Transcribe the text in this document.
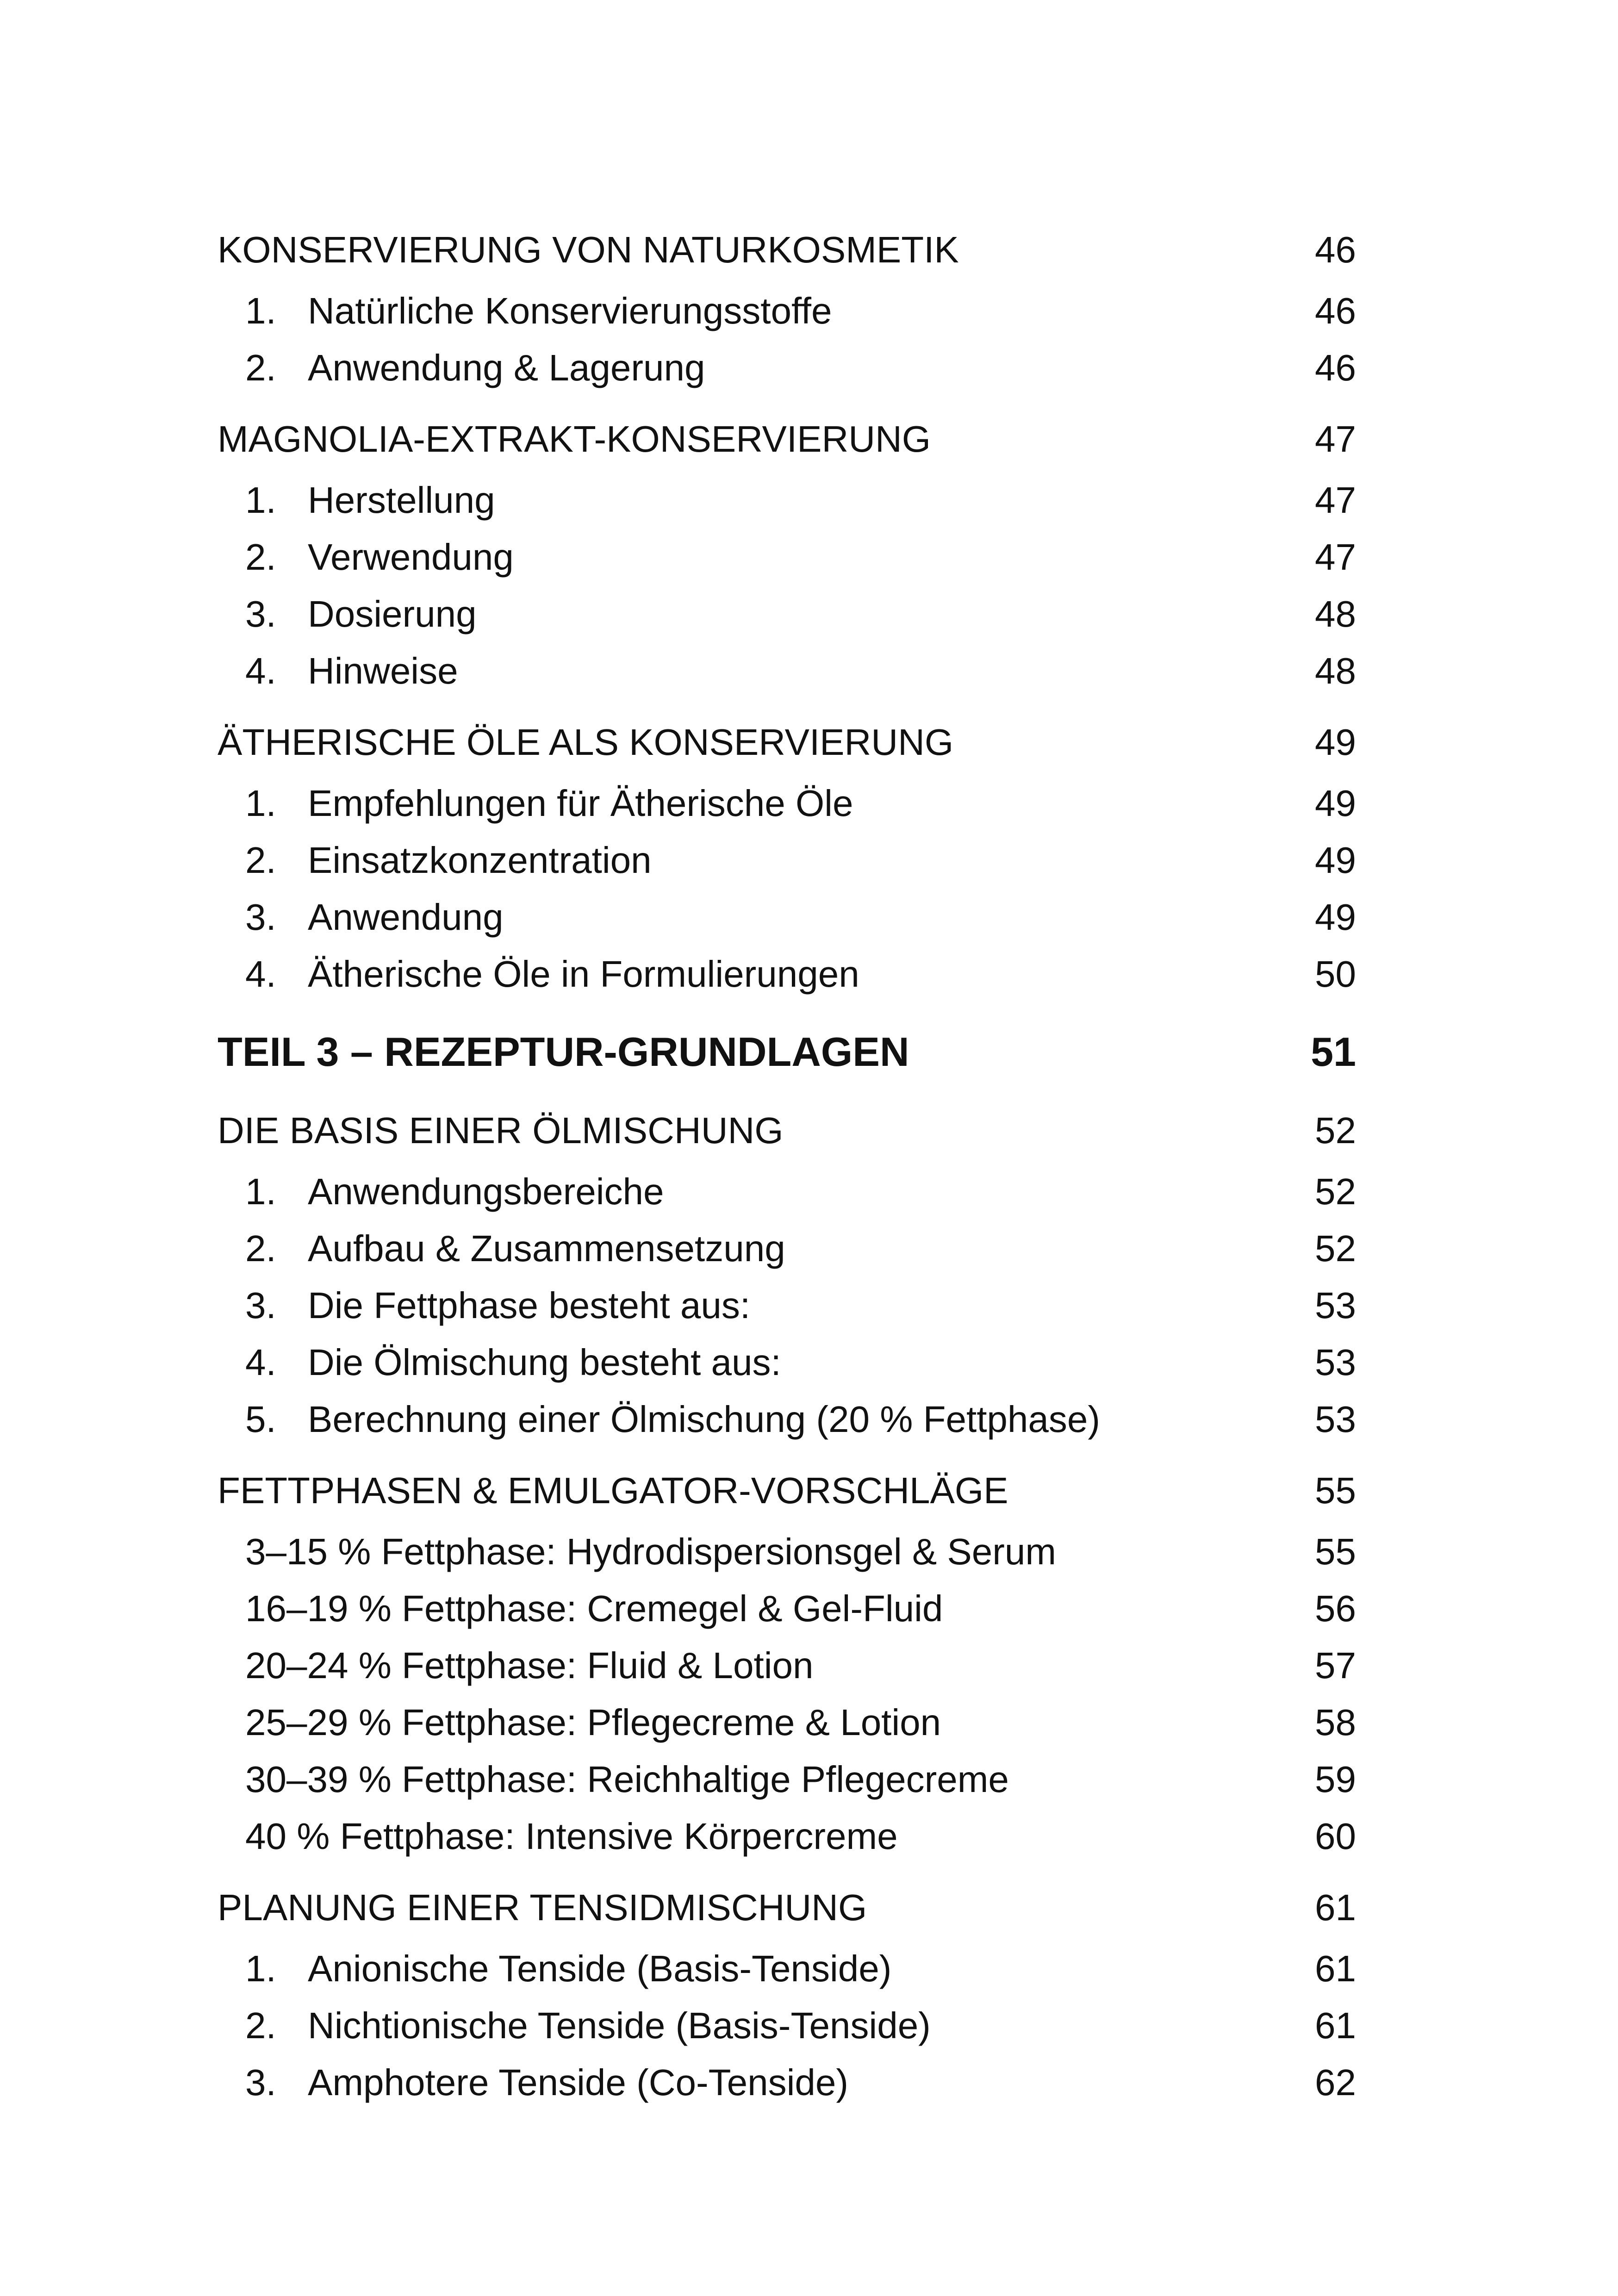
KONSERVIERUNG VON NATURKOSMETIK	46
1. Natürliche Konservierungsstoffe	46
2. Anwendung & Lagerung	46
MAGNOLIA-EXTRAKT-KONSERVIERUNG	47
1. Herstellung	47
2. Verwendung	47
3. Dosierung	48
4. Hinweise	48
ÄTHERISCHE ÖLE ALS KONSERVIERUNG	49
1. Empfehlungen für Ätherische Öle	49
2. Einsatzkonzentration	49
3. Anwendung	49
4. Ätherische Öle in Formulierungen	50
TEIL 3 – REZEPTUR-GRUNDLAGEN	51
DIE BASIS EINER ÖLMISCHUNG	52
1. Anwendungsbereiche	52
2. Aufbau & Zusammensetzung	52
3. Die Fettphase besteht aus:	53
4. Die Ölmischung besteht aus:	53
5. Berechnung einer Ölmischung (20 % Fettphase)	53
FETTPHASEN & EMULGATOR-VORSCHLÄGE	55
3–15 % Fettphase: Hydrodispersionsgel & Serum	55
16–19 % Fettphase: Cremegel & Gel-Fluid	56
20–24 % Fettphase: Fluid & Lotion	57
25–29 % Fettphase: Pflegecreme & Lotion	58
30–39 % Fettphase: Reichhaltige Pflegecreme	59
40 % Fettphase: Intensive Körpercreme	60
PLANUNG EINER TENSIDMISCHUNG	61
1. Anionische Tenside (Basis-Tenside)	61
2. Nichtionische Tenside (Basis-Tenside)	61
3. Amphotere Tenside (Co-Tenside)	62
